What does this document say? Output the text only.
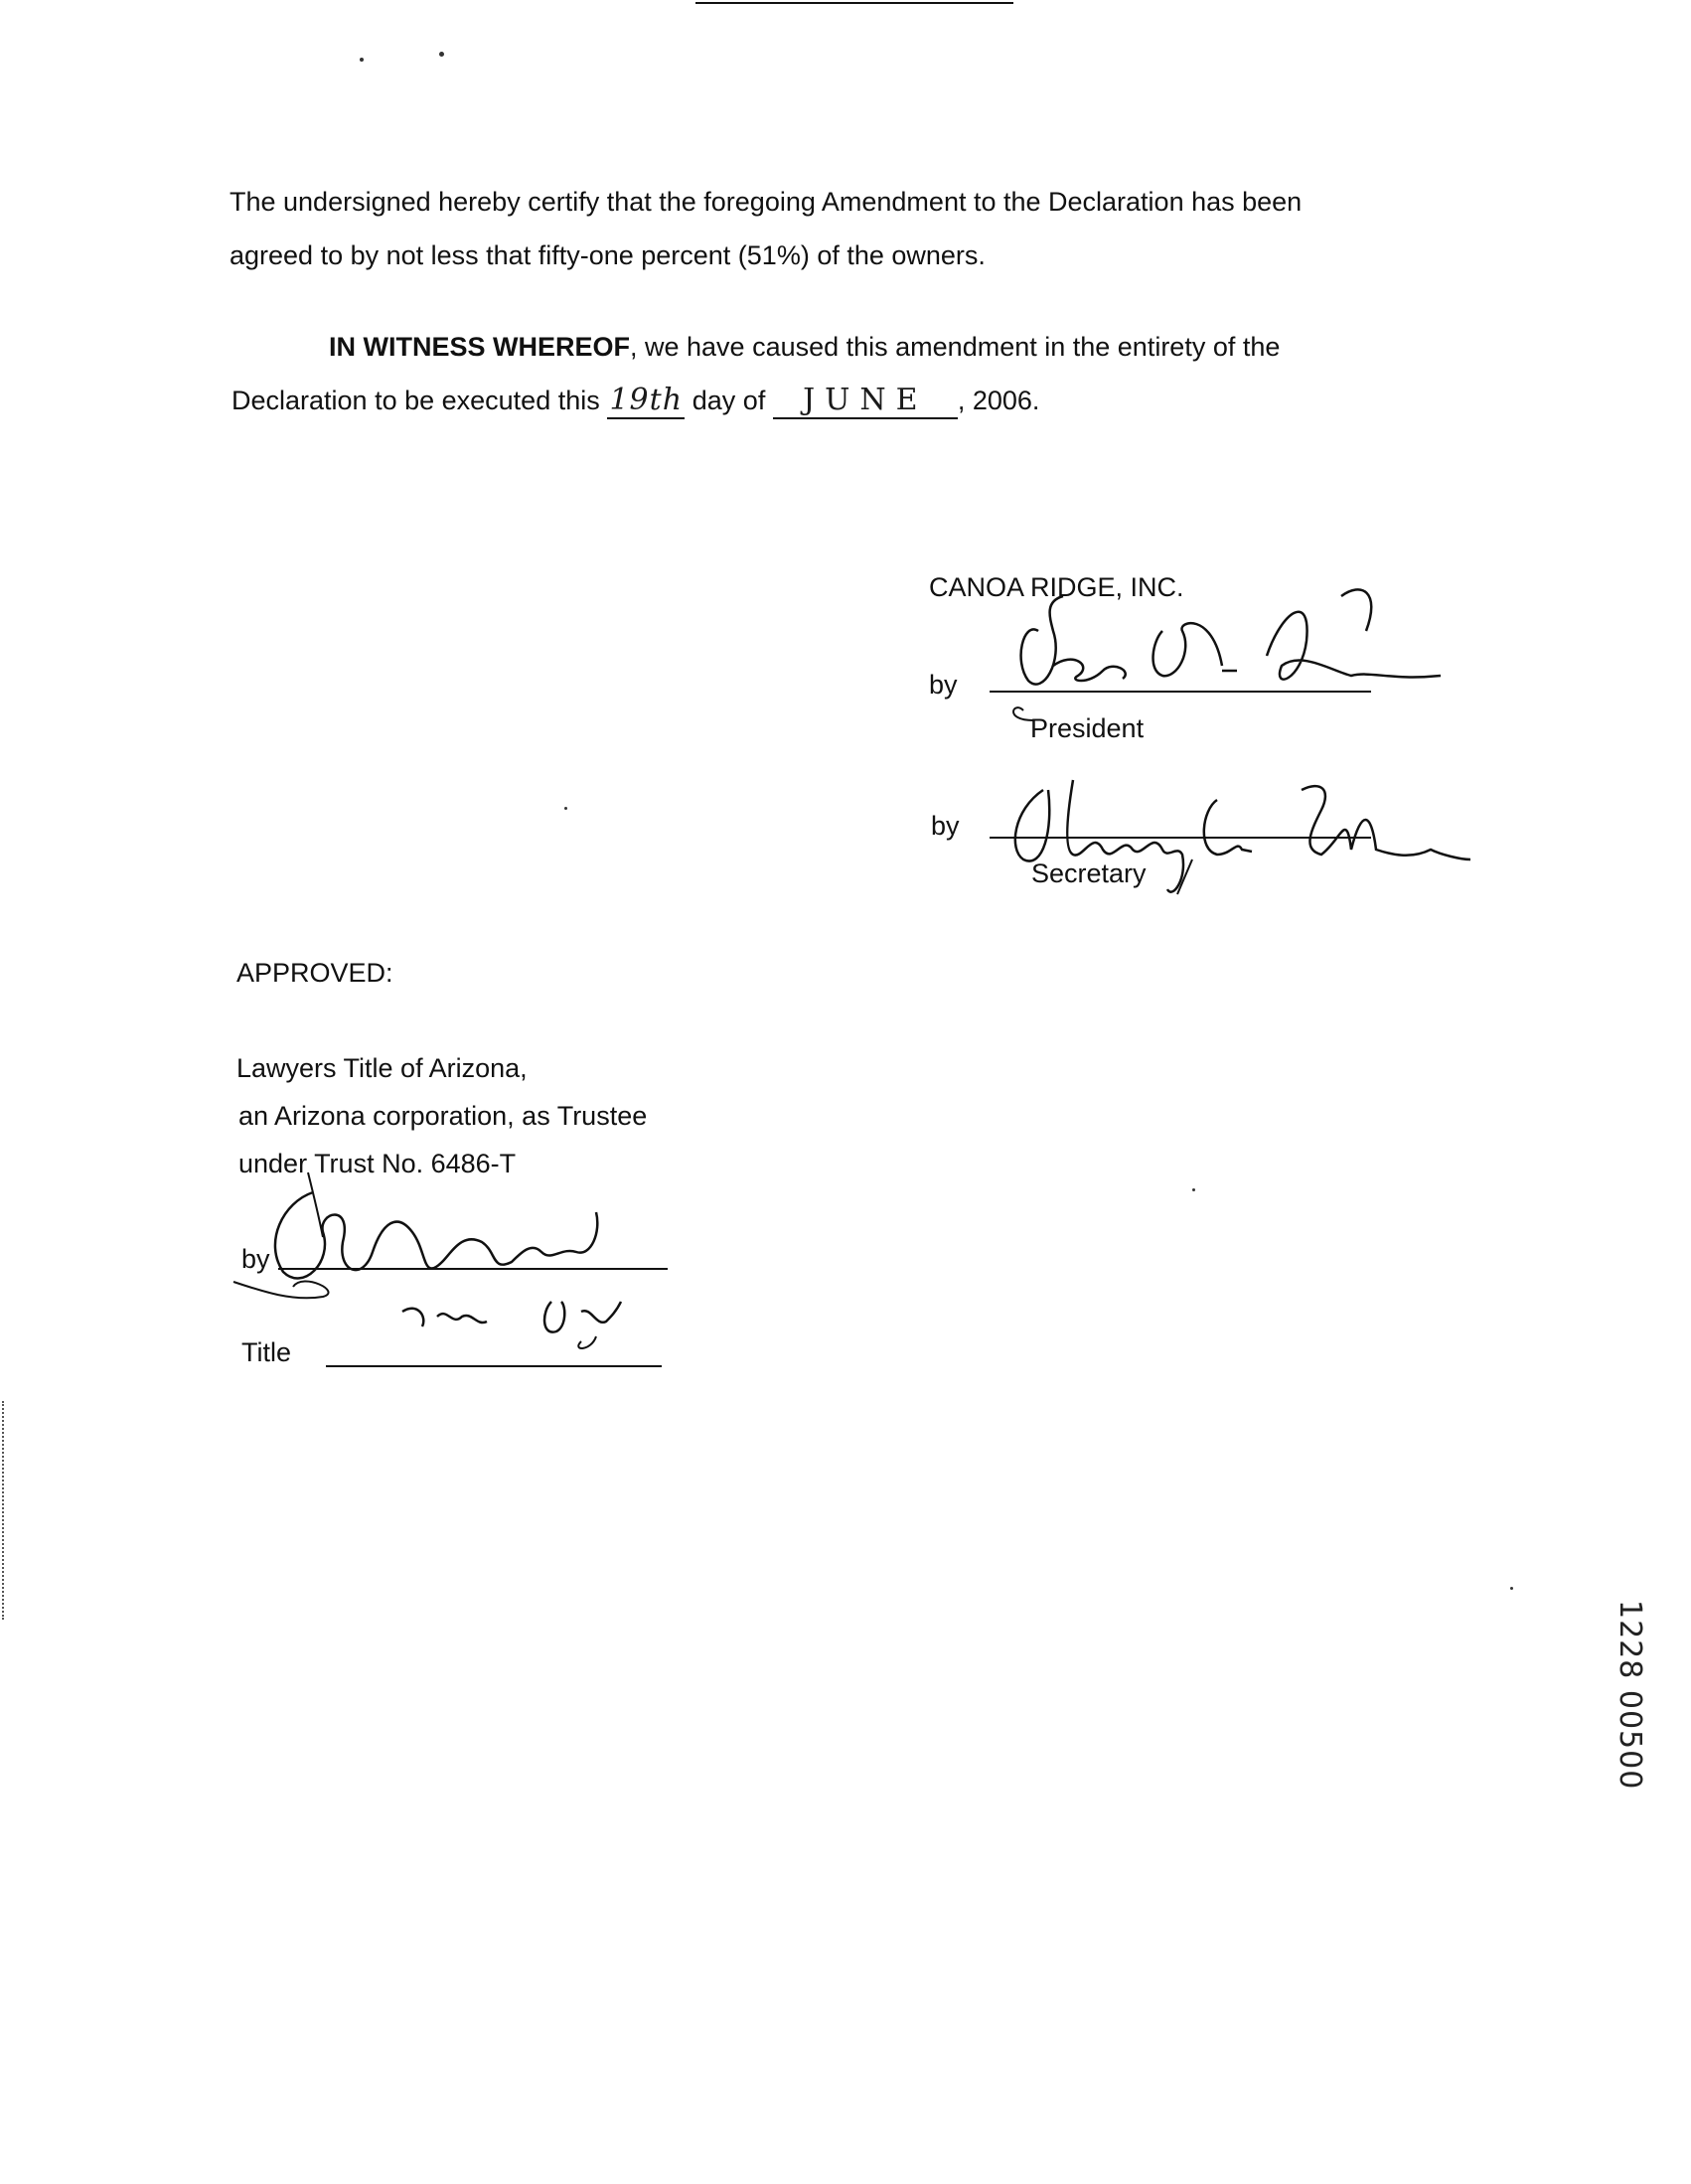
The undersigned hereby certify that the foregoing Amendment to the Declaration has been
agreed to by not less that fifty-one percent (51%) of the owners.
IN WITNESS WHEREOF, we have caused this amendment in the entirety of the
Declaration to be executed this 19th day of JUNE , 2006.
CANOA RIDGE, INC.
by
President
by
Secretary
APPROVED:
Lawyers Title of Arizona,
an Arizona corporation, as Trustee
under Trust No. 6486-T
by
Title
1228 00500
